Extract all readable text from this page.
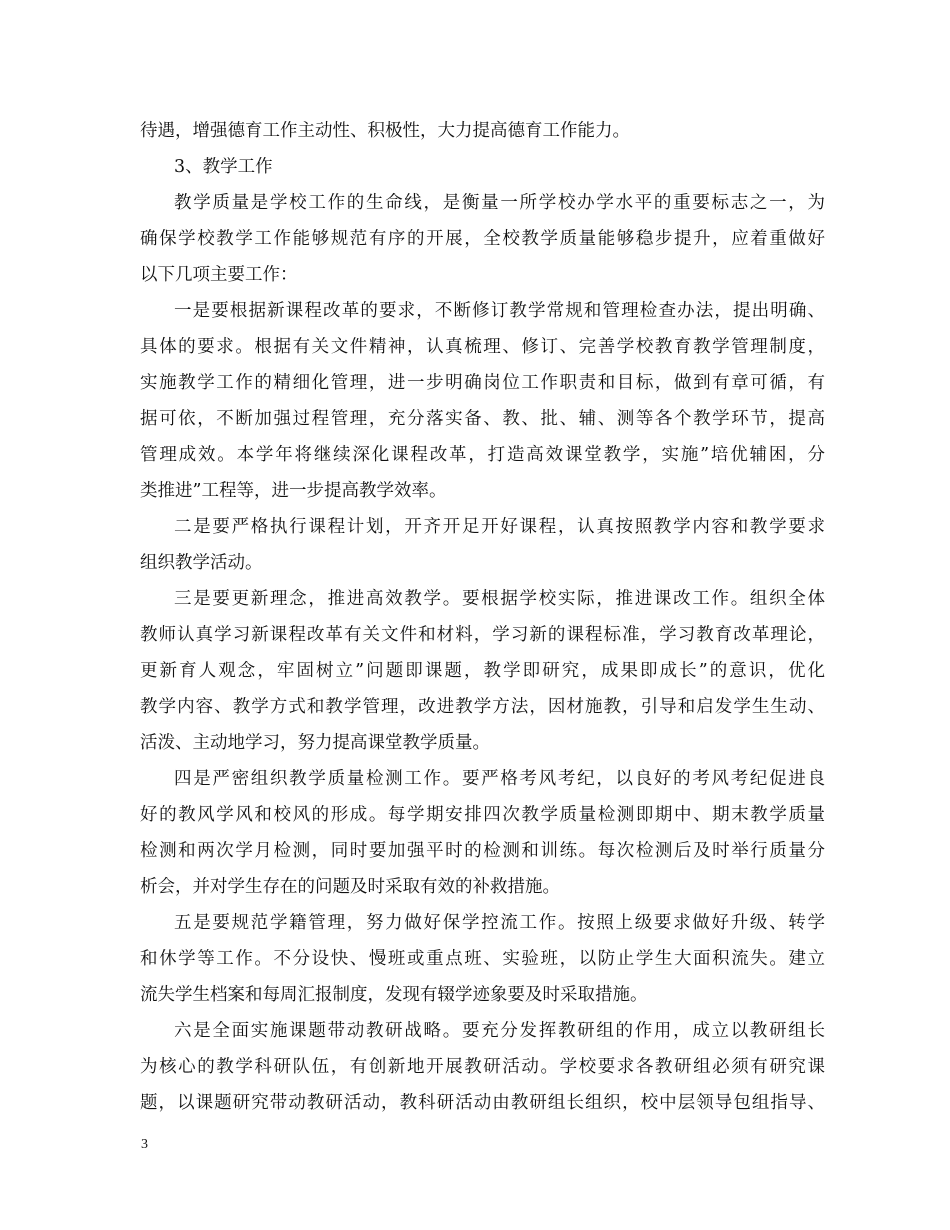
待遇，增强德育工作主动性、积极性，大力提高德育工作能力。
3、教学工作
教学质量是学校工作的生命线，是衡量一所学校办学水平的重要标志之一，为
确保学校教学工作能够规范有序的开展，全校教学质量能够稳步提升，应着重做好
以下几项主要工作：
一是要根据新课程改革的要求，不断修订教学常规和管理检查办法，提出明确、
具体的要求。根据有关文件精神，认真梳理、修订、完善学校教育教学管理制度，
实施教学工作的精细化管理，进一步明确岗位工作职责和目标，做到有章可循，有
据可依，不断加强过程管理，充分落实备、教、批、辅、测等各个教学环节，提高
管理成效。本学年将继续深化课程改革，打造高效课堂教学，实施”培优辅困，分
类推进”工程等，进一步提高教学效率。
二是要严格执行课程计划，开齐开足开好课程，认真按照教学内容和教学要求
组织教学活动。
三是要更新理念，推进高效教学。要根据学校实际，推进课改工作。组织全体
教师认真学习新课程改革有关文件和材料，学习新的课程标准，学习教育改革理论，
更新育人观念，牢固树立”问题即课题，教学即研究，成果即成长”的意识，优化
教学内容、教学方式和教学管理，改进教学方法，因材施教，引导和启发学生生动、
活泼、主动地学习，努力提高课堂教学质量。
四是严密组织教学质量检测工作。要严格考风考纪，以良好的考风考纪促进良
好的教风学风和校风的形成。每学期安排四次教学质量检测即期中、期末教学质量
检测和两次学月检测，同时要加强平时的检测和训练。每次检测后及时举行质量分
析会，并对学生存在的问题及时采取有效的补救措施。
五是要规范学籍管理，努力做好保学控流工作。按照上级要求做好升级、转学
和休学等工作。不分设快、慢班或重点班、实验班，以防止学生大面积流失。建立
流失学生档案和每周汇报制度，发现有辍学迹象要及时采取措施。
六是全面实施课题带动教研战略。要充分发挥教研组的作用，成立以教研组长
为核心的教学科研队伍，有创新地开展教研活动。学校要求各教研组必须有研究课
题，以课题研究带动教研活动，教科研活动由教研组长组织，校中层领导包组指导、
3
